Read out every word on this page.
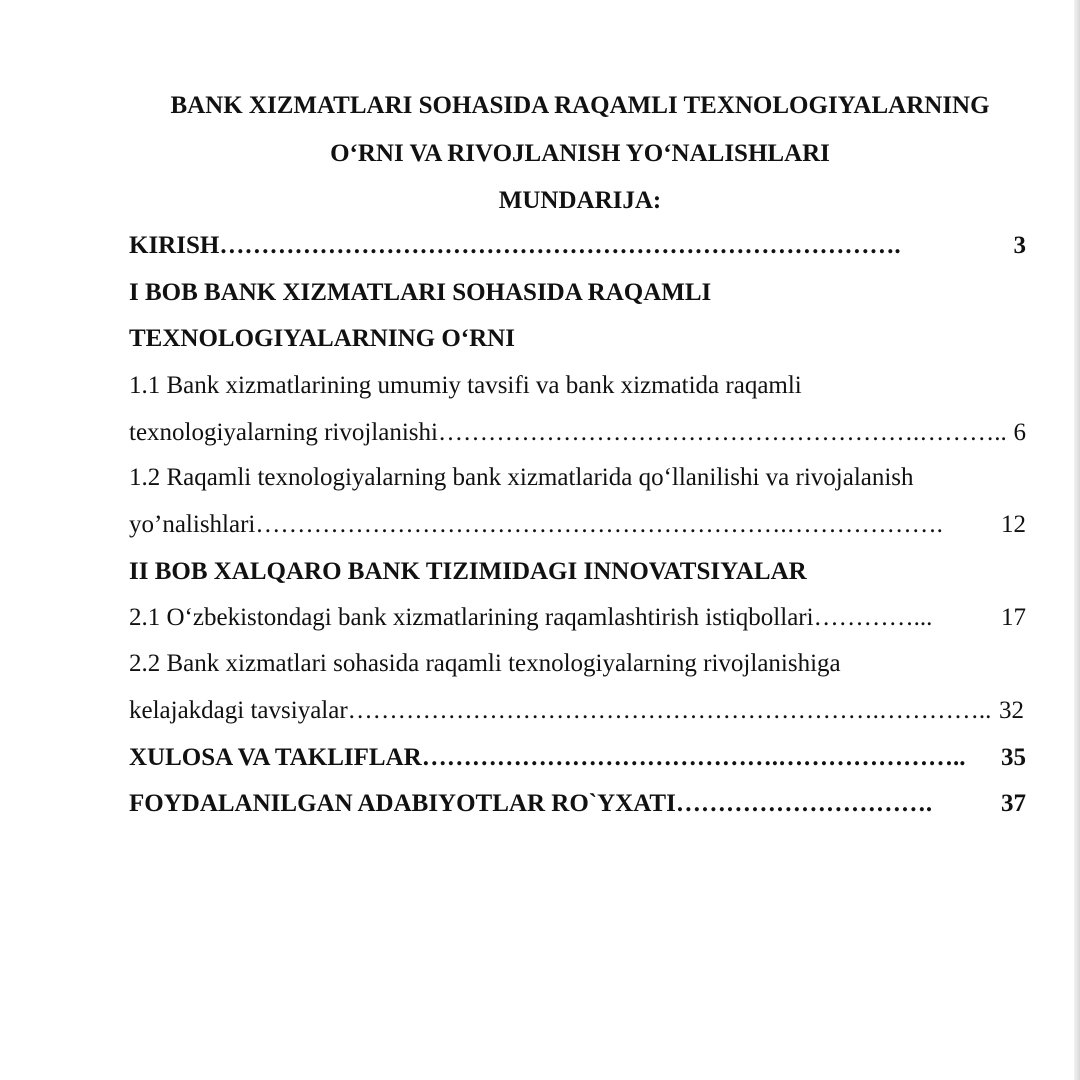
BANK XIZMATLARI SOHASIDA RAQAMLI TEXNOLOGIYALARNING
O‘RNI VA RIVOJLANISH YO‘NALISHLARI
MUNDARIJA:
KIRISH ……………………………………………………………………….	3
I BOB BANK XIZMATLARI SOHASIDA RAQAMLI
TEXNOLOGIYALARNING O‘RNI
1.1 Bank xizmatlarining umumiy tavsifi va bank xizmatida raqamli
texnologiyalarning rivojlanishi ………………………………………………….……….. 6
1.2 Raqamli texnologiyalarning bank xizmatlarida qo‘llanilishi va rivojalanish
yo’nalishlari ……………………………………………………….……………….	12
II BOB XALQARO BANK TIZIMIDAGI INNOVATSIYALAR
2.1 O‘zbekistondagi bank xizmatlarining raqamlashtirish istiqbollari …………...	17
2.2 Bank xizmatlari sohasida raqamli texnologiyalarning rivojlanishiga
kelajakdagi tavsiyalar ……………………………………………………….………….. 32
XULOSA VA TAKLIFLAR …………………………………….…………………..	35
FOYDALANILGAN ADABIYOTLAR RO`YXATI ………………………….	37
